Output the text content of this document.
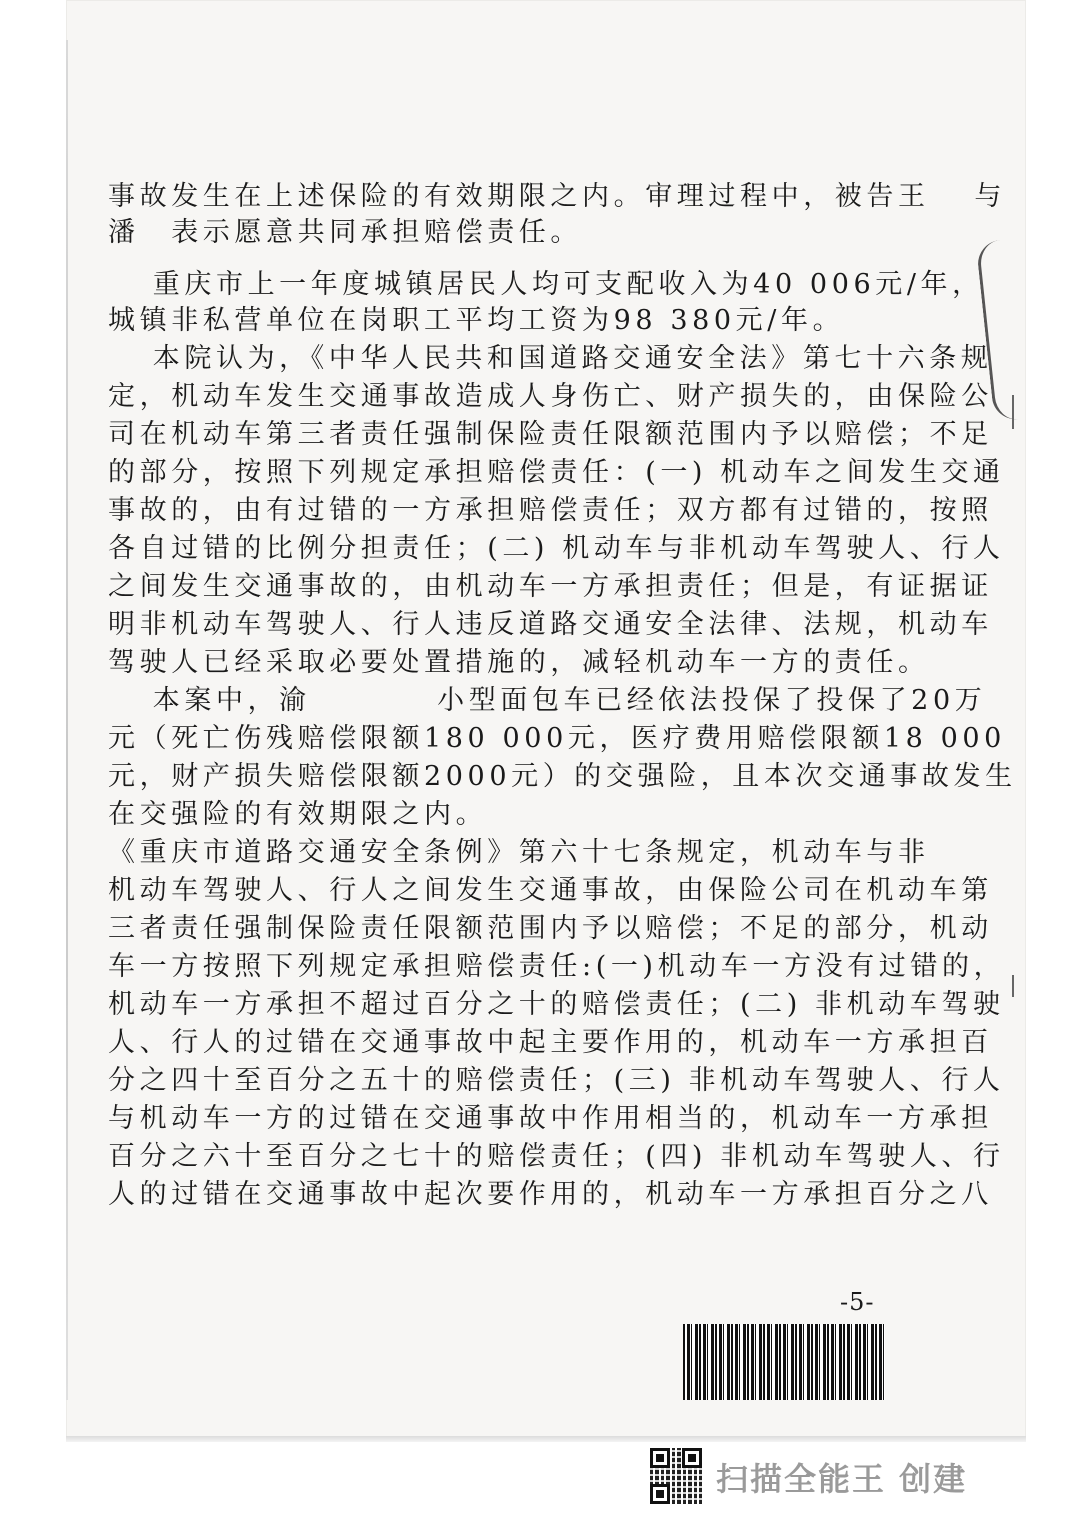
事故发生在上述保险的有效期限之内。审理过程中，被告王　 与
潘　表示愿意共同承担赔偿责任。
　 重庆市上一年度城镇居民人均可支配收入为40 006元/年，
城镇非私营单位在岗职工平均工资为98 380元/年。
　 本院认为，《中华人民共和国道路交通安全法》第七十六条规
定，机动车发生交通事故造成人身伤亡、财产损失的，由保险公
司在机动车第三者责任强制保险责任限额范围内予以赔偿；不足
的部分，按照下列规定承担赔偿责任：(一) 机动车之间发生交通
事故的，由有过错的一方承担赔偿责任；双方都有过错的，按照
各自过错的比例分担责任；(二) 机动车与非机动车驾驶人、行人
之间发生交通事故的，由机动车一方承担责任；但是，有证据证
明非机动车驾驶人、行人违反道路交通安全法律、法规，机动车
驾驶人已经采取必要处置措施的，减轻机动车一方的责任。
　 本案中，渝　　　　小型面包车已经依法投保了投保了20万
元（死亡伤残赔偿限额180 000元，医疗费用赔偿限额18 000
元，财产损失赔偿限额2000元）的交强险，且本次交通事故发生
在交强险的有效期限之内。
《重庆市道路交通安全条例》第六十七条规定，机动车与非
机动车驾驶人、行人之间发生交通事故，由保险公司在机动车第
三者责任强制保险责任限额范围内予以赔偿；不足的部分，机动
车一方按照下列规定承担赔偿责任:(一)机动车一方没有过错的，
机动车一方承担不超过百分之十的赔偿责任；(二) 非机动车驾驶
人、行人的过错在交通事故中起主要作用的，机动车一方承担百
分之四十至百分之五十的赔偿责任；(三) 非机动车驾驶人、行人
与机动车一方的过错在交通事故中作用相当的，机动车一方承担
百分之六十至百分之七十的赔偿责任；(四) 非机动车驾驶人、行
人的过错在交通事故中起次要作用的，机动车一方承担百分之八
-5-
扫描全能王 创建
